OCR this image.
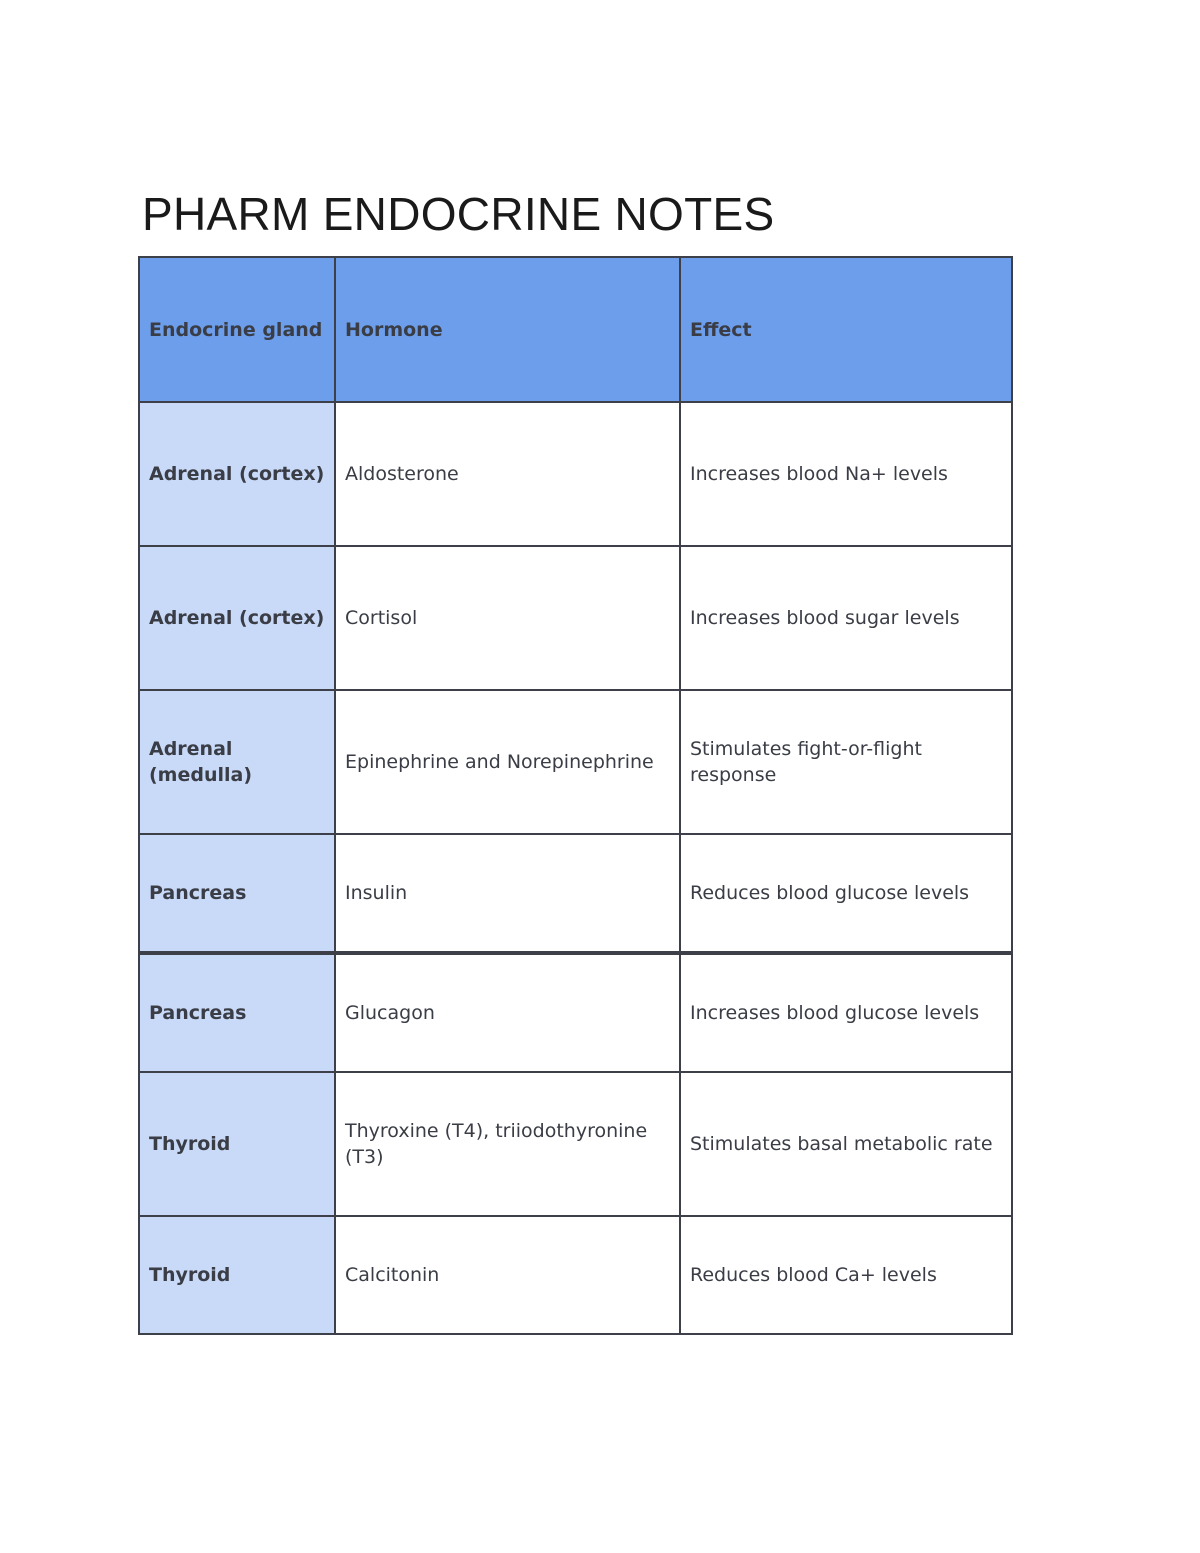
PHARM ENDOCRINE NOTES
Endocrine gland	Hormone	Effect
Adrenal (cortex)	Aldosterone	Increases blood Na+ levels
Adrenal (cortex)	Cortisol	Increases blood sugar levels
Adrenal (medulla)	Epinephrine and Norepinephrine	Stimulates fight-or-flight response
Pancreas	Insulin	Reduces blood glucose levels
Pancreas	Glucagon	Increases blood glucose levels
Thyroid	Thyroxine (T4), triiodothyronine (T3)	Stimulates basal metabolic rate
Thyroid	Calcitonin	Reduces blood Ca+ levels
